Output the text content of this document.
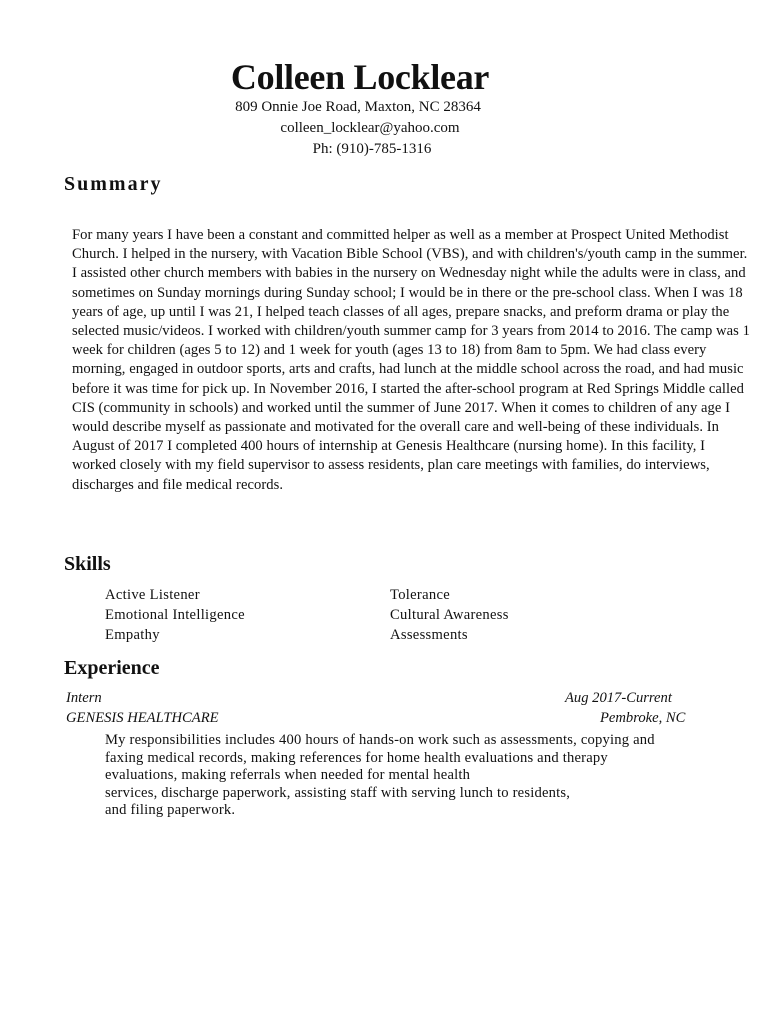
Colleen Locklear
809 Onnie Joe Road, Maxton, NC 28364
colleen_locklear@yahoo.com
Ph: (910)-785-1316
Summary
For many years I have been a constant and committed helper as well as a member at Prospect United Methodist Church. I helped in the nursery, with Vacation Bible School (VBS), and with children's/youth camp in the summer. I assisted other church members with babies in the nursery on Wednesday night while the adults were in class, and sometimes on Sunday mornings during Sunday school; I would be in there or the pre-school class. When I was 18 years of age, up until I was 21, I helped teach classes of all ages, prepare snacks, and preform drama or play the selected music/videos. I worked with children/youth summer camp for 3 years from 2014 to 2016. The camp was 1 week for children (ages 5 to 12) and 1 week for youth (ages 13 to 18) from 8am to 5pm. We had class every morning, engaged in outdoor sports, arts and crafts, had lunch at the middle school across the road, and had music before it was time for pick up. In November 2016, I started the after-school program at Red Springs Middle called CIS (community in schools) and worked until the summer of June 2017. When it comes to children of any age I would describe myself as passionate and motivated for the overall care and well-being of these individuals. In August of 2017 I completed 400 hours of internship at Genesis Healthcare (nursing home). In this facility, I worked closely with my field supervisor to assess residents, plan care meetings with families, do interviews, discharges and file medical records.
Skills
Active Listener
Emotional Intelligence
Empathy
Tolerance
Cultural Awareness
Assessments
Experience
Intern	Aug 2017-Current
GENESIS HEALTHCARE	Pembroke, NC
My responsibilities includes 400 hours of hands-on work such as assessments, copying and
faxing medical records, making references for home health evaluations and therapy
evaluations, making referrals when needed for mental health
services, discharge paperwork, assisting staff with serving lunch to residents,
and filing paperwork.
